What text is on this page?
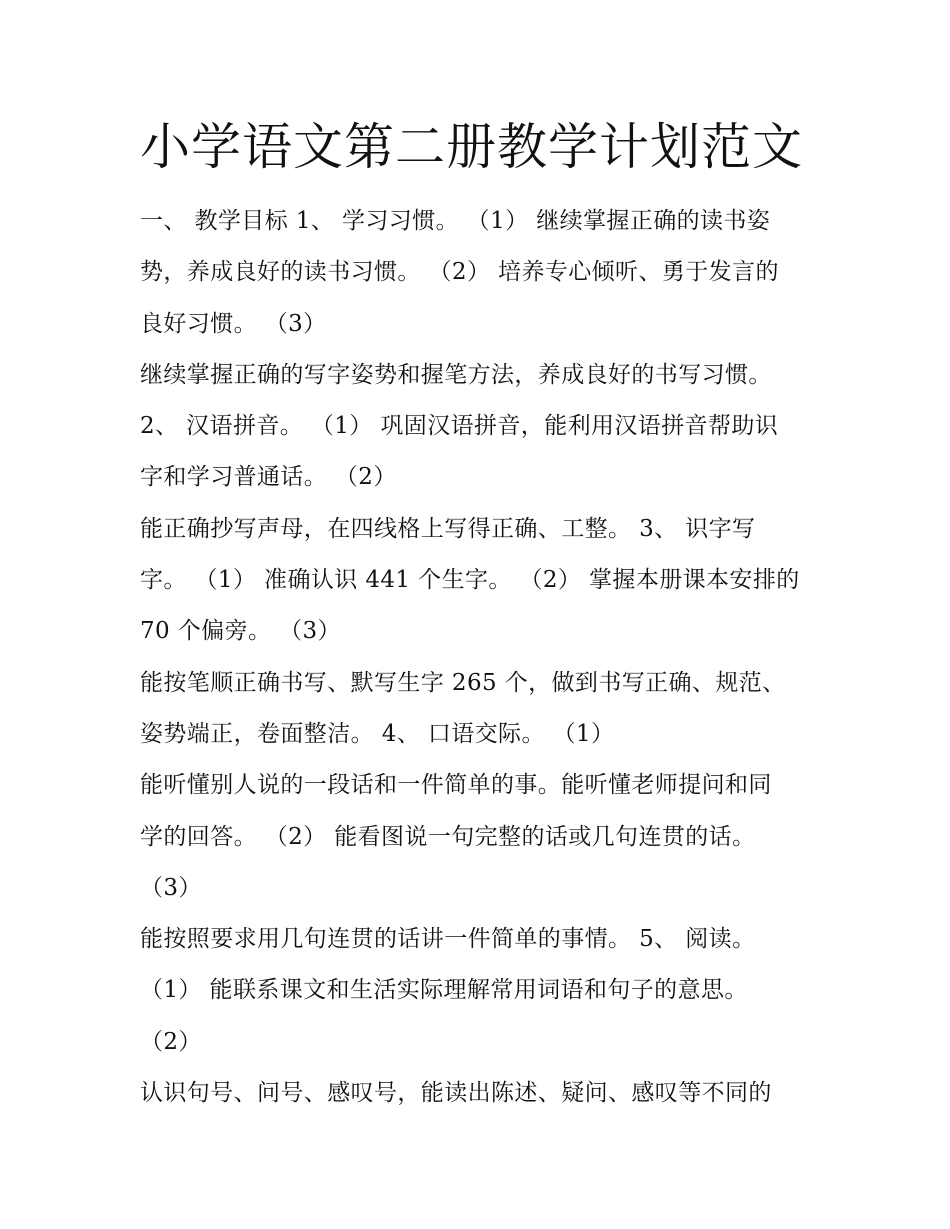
小学语文第二册教学计划范文
一、 教学目标 1、 学习习惯。 （1） 继续掌握正确的读书姿
势，养成良好的读书习惯。 （2） 培养专心倾听、勇于发言的
良好习惯。 （3）
继续掌握正确的写字姿势和握笔方法，养成良好的书写习惯。
2、 汉语拼音。 （1） 巩固汉语拼音，能利用汉语拼音帮助识
字和学习普通话。 （2）
能正确抄写声母，在四线格上写得正确、工整。 3、 识字写
字。 （1） 准确认识 441 个生字。 （2） 掌握本册课本安排的
70 个偏旁。 （3）
能按笔顺正确书写、默写生字 265 个，做到书写正确、规范、
姿势端正，卷面整洁。 4、 口语交际。 （1）
能听懂别人说的一段话和一件简单的事。能听懂老师提问和同
学的回答。 （2） 能看图说一句完整的话或几句连贯的话。
（3）
能按照要求用几句连贯的话讲一件简单的事情。 5、 阅读。
（1） 能联系课文和生活实际理解常用词语和句子的意思。
（2）
认识句号、问号、感叹号，能读出陈述、疑问、感叹等不同的
